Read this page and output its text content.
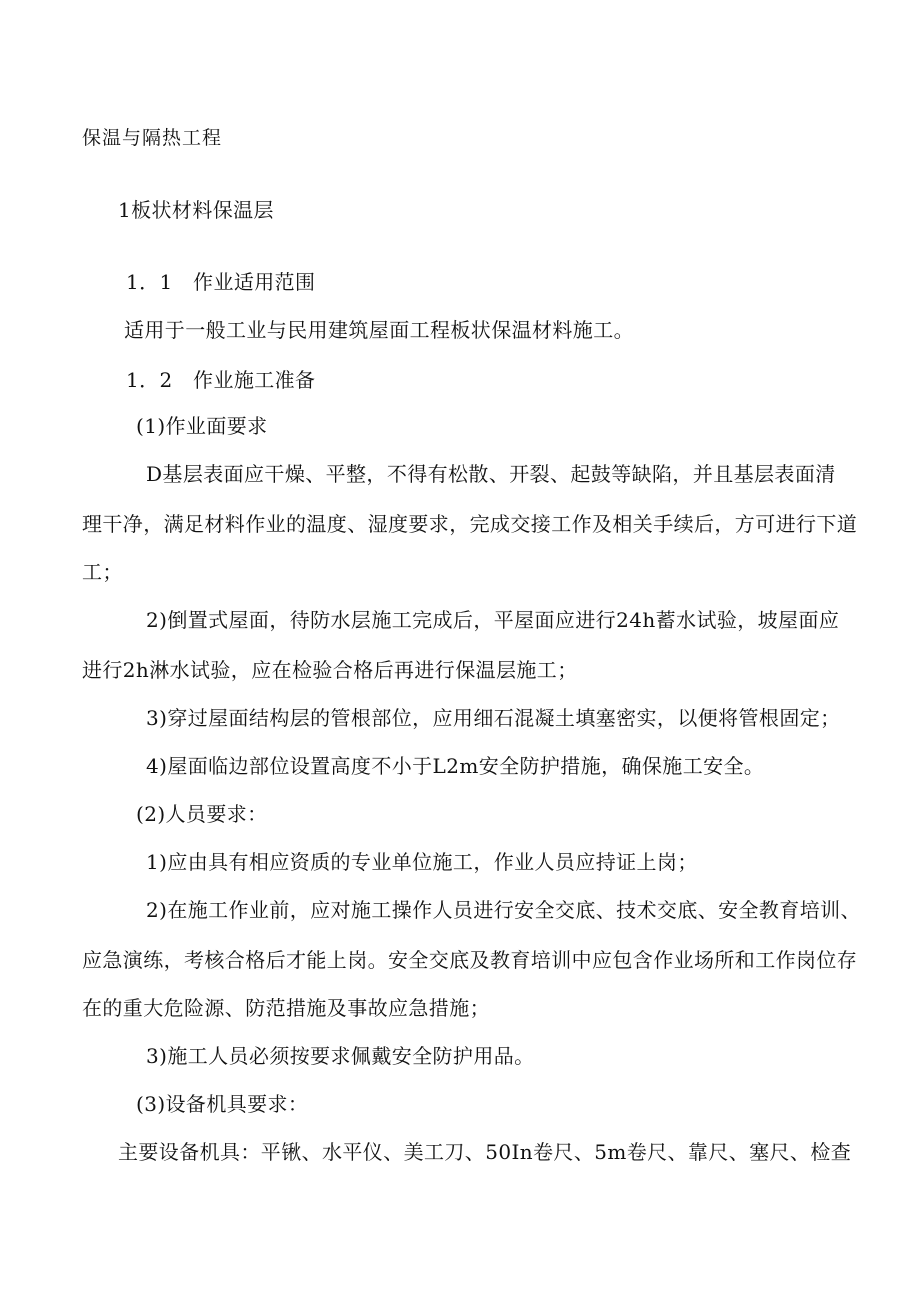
保温与隔热工程
1板状材料保温层
1．1　作业适用范围
适用于一般工业与民用建筑屋面工程板状保温材料施工。
1．2　作业施工准备
(1)作业面要求
D基层表面应干燥、平整，不得有松散、开裂、起鼓等缺陷，并且基层表面清
理干净，满足材料作业的温度、湿度要求，完成交接工作及相关手续后，方可进行下道
工；
2)倒置式屋面，待防水层施工完成后，平屋面应进行24h蓄水试验，坡屋面应
进行2h淋水试验，应在检验合格后再进行保温层施工；
3)穿过屋面结构层的管根部位，应用细石混凝土填塞密实，以便将管根固定；
4)屋面临边部位设置高度不小于L2m安全防护措施，确保施工安全。
(2)人员要求：
1)应由具有相应资质的专业单位施工，作业人员应持证上岗；
2)在施工作业前，应对施工操作人员进行安全交底、技术交底、安全教育培训、
应急演练，考核合格后才能上岗。安全交底及教育培训中应包含作业场所和工作岗位存
在的重大危险源、防范措施及事故应急措施；
3)施工人员必须按要求佩戴安全防护用品。
(3)设备机具要求：
主要设备机具：平锹、水平仪、美工刀、50In卷尺、5m卷尺、靠尺、塞尺、检查
